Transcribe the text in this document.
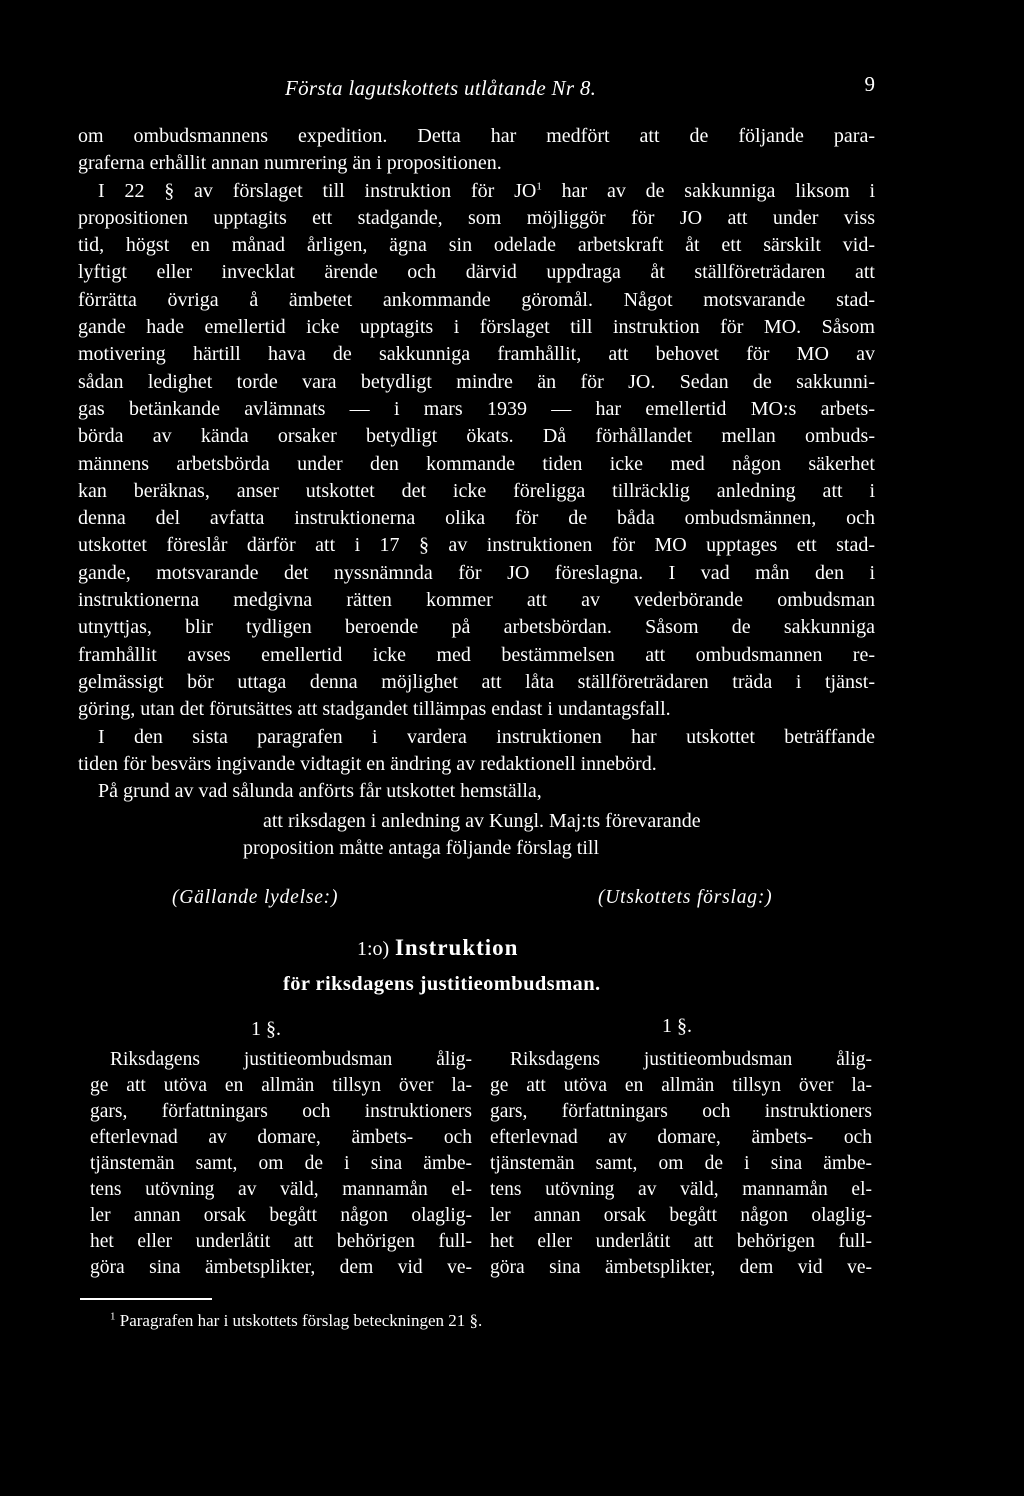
Första lagutskottets utlåtande Nr 8.	9
om ombudsmannens expedition. Detta har medfört att de följande para-
graferna erhållit annan numrering än i propositionen.
I 22 § av förslaget till instruktion för $JO^1$ har av de sakkunniga liksom i
propositionen upptagits ett stadgande, som möjliggör för JO att under viss
tid, högst en månad årligen, ägna sin odelade arbetskraft åt ett särskilt vid-
lyftigt eller invecklat ärende och därvid uppdraga åt ställföreträdaren att
förrätta övriga å ämbetet ankommande göromål. Något motsvarande stad-
gande hade emellertid icke upptagits i förslaget till instruktion för MO. Såsom
motivering härtill hava de sakkunniga framhållit, att behovet för MO av
sådan ledighet torde vara betydligt mindre än för JO. Sedan de sakkunni-
gas betänkande avlämnats — i mars 1939 — har emellertid MO:s arbets-
börda av kända orsaker betydligt ökats. Då förhållandet mellan ombuds-
männens arbetsbörda under den kommande tiden icke med någon säkerhet
kan beräknas, anser utskottet det icke föreligga tillräcklig anledning att i
denna del avfatta instruktionerna olika för de båda ombudsmännen, och
utskottet föreslår därför att i 17 § av instruktionen för MO upptages ett stad-
gande, motsvarande det nyssnämnda för JO föreslagna. I vad mån den i
instruktionerna medgivna rätten kommer att av vederbörande ombudsman
utnyttjas, blir tydligen beroende på arbetsbördan. Såsom de sakkunniga
framhållit avses emellertid icke med bestämmelsen att ombudsmannen re-
gelmässigt bör uttaga denna möjlighet att låta ställföreträdaren träda i tjänst-
göring, utan det förutsättes att stadgandet tillämpas endast i undantagsfall.
I den sista paragrafen i vardera instruktionen har utskottet beträffande
tiden för besvärs ingivande vidtagit en ändring av redaktionell innebörd.
På grund av vad sålunda anförts får utskottet hemställa,
att riksdagen i anledning av Kungl. Maj:ts förevarande
proposition måtte antaga följande förslag till
(Gällande lydelse:)	(Utskottets förslag:)
1:o) Instruktion
för riksdagens justitieombudsman.
1 §.	1 §.
Riksdagens justitieombudsman ålig-
ge att utöva en allmän tillsyn över la-
gars, författningars och instruktioners
efterlevnad av domare, ämbets- och
tjänstemän samt, om de i sina ämbe-
tens utövning av väld, mannamån el-
ler annan orsak begått någon olaglig-
het eller underlåtit att behörigen full-
göra sina ämbetsplikter, dem vid ve-
Riksdagens justitieombudsman ålig-
ge att utöva en allmän tillsyn över la-
gars, författningars och instruktioners
efterlevnad av domare, ämbets- och
tjänstemän samt, om de i sina ämbe-
tens utövning av väld, mannamån el-
ler annan orsak begått någon olaglig-
het eller underlåtit att behörigen full-
göra sina ämbetsplikter, dem vid ve-
$^1$ Paragrafen har i utskottets förslag beteckningen 21 §.
